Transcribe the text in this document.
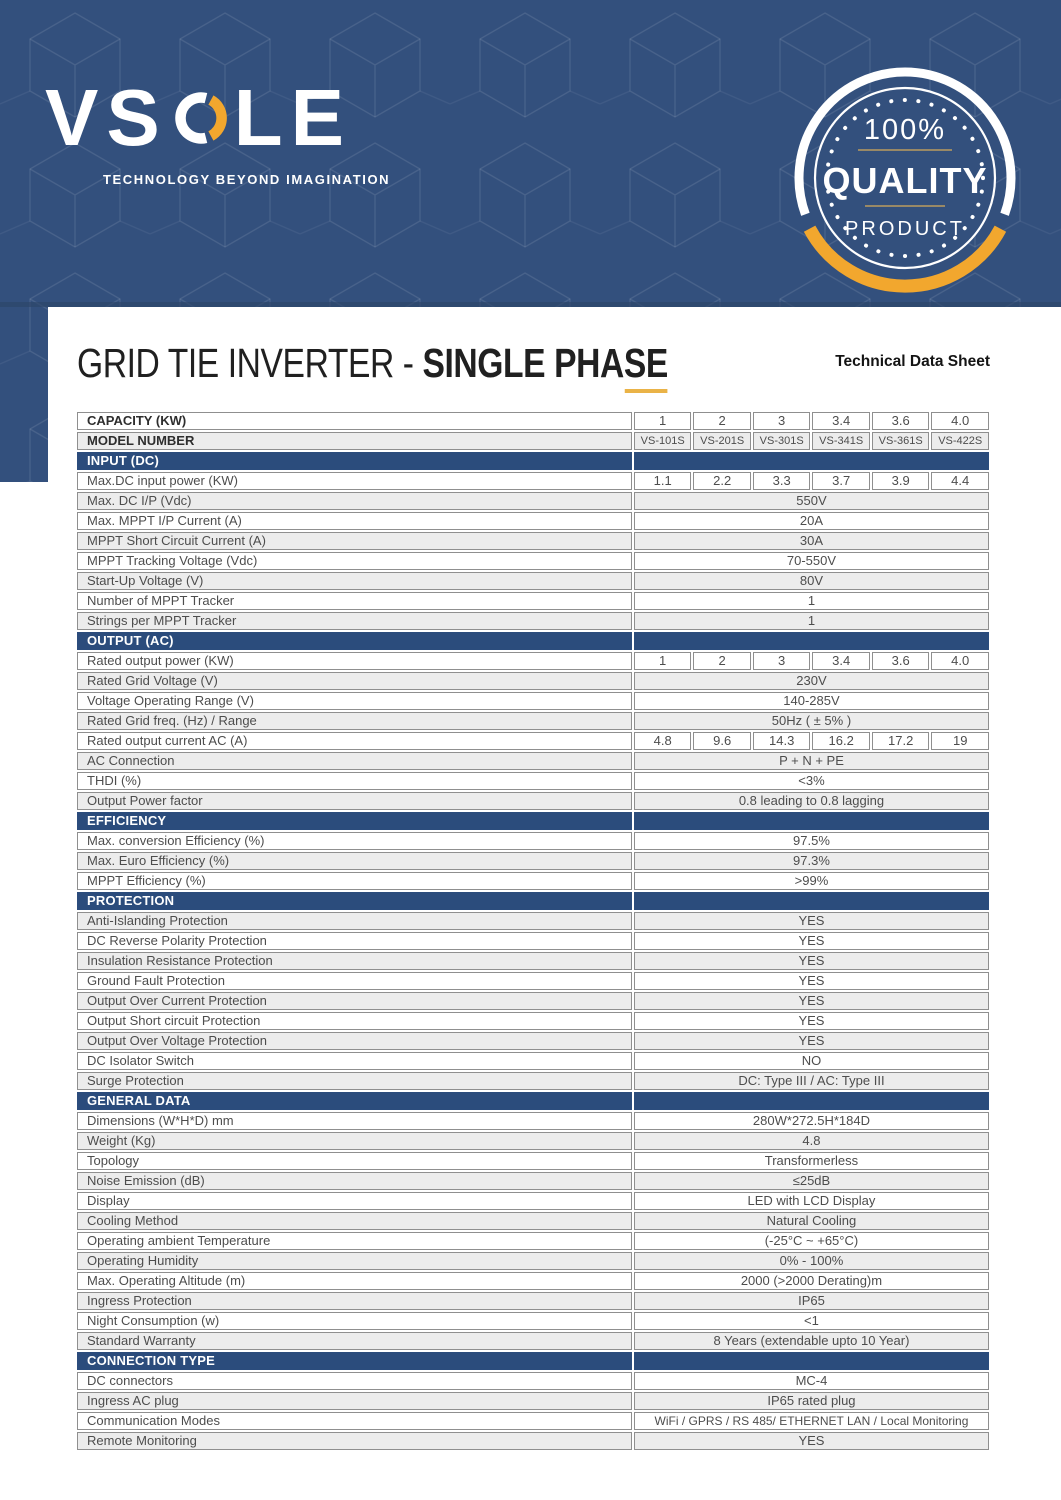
VS LE
TECHNOLOGY BEYOND IMAGINATION
100%
QUALITY
PRODUCT
GRID TIE INVERTER - SINGLE PHASE	Technical Data Sheet
CAPACITY (KW)	1	2	3	3.4	3.6	4.0
MODEL NUMBER	VS-101S	VS-201S	VS-301S	VS-341S	VS-361S	VS-422S
INPUT (DC)						
Max.DC input power (KW)	1.1	2.2	3.3	3.7	3.9	4.4
Max. DC I/P (Vdc)	550V					
Max. MPPT I/P Current (A)	20A					
MPPT Short Circuit Current (A)	30A					
MPPT Tracking Voltage (Vdc)	70-550V					
Start-Up Voltage (V)	80V					
Number of MPPT Tracker	1					
Strings per MPPT Tracker	1					
OUTPUT (AC)						
Rated output power (KW)	1	2	3	3.4	3.6	4.0
Rated Grid Voltage (V)	230V					
Voltage Operating Range (V)	140-285V					
Rated Grid freq. (Hz) / Range	50Hz ( ± 5% )					
Rated output current AC (A)	4.8	9.6	14.3	16.2	17.2	19
AC Connection	P + N + PE					
THDI (%)	<3%					
Output Power factor	0.8 leading to 0.8 lagging					
EFFICIENCY						
Max. conversion Efficiency (%)	97.5%					
Max. Euro Efficiency (%)	97.3%					
MPPT Efficiency (%)	>99%					
PROTECTION						
Anti-Islanding Protection	YES					
DC Reverse Polarity Protection	YES					
Insulation Resistance Protection	YES					
Ground Fault Protection	YES					
Output Over Current Protection	YES					
Output Short circuit Protection	YES					
Output Over Voltage Protection	YES					
DC Isolator Switch	NO					
Surge Protection	DC: Type III / AC: Type III					
GENERAL DATA						
Dimensions (W*H*D) mm	280W*272.5H*184D					
Weight (Kg)	4.8					
Topology	Transformerless					
Noise Emission (dB)	≤25dB					
Display	LED with LCD Display					
Cooling Method	Natural Cooling					
Operating ambient Temperature	(-25°C ~ +65°C)					
Operating Humidity	0% - 100%					
Max. Operating Altitude (m)	2000 (>2000 Derating)m					
Ingress Protection	IP65					
Night Consumption (w)	<1					
Standard Warranty	8 Years (extendable upto 10 Year)					
CONNECTION TYPE						
DC connectors	MC-4					
Ingress AC plug	IP65 rated plug					
Communication Modes	WiFi / GPRS / RS 485/ ETHERNET LAN / Local Monitoring					
Remote Monitoring	YES					
